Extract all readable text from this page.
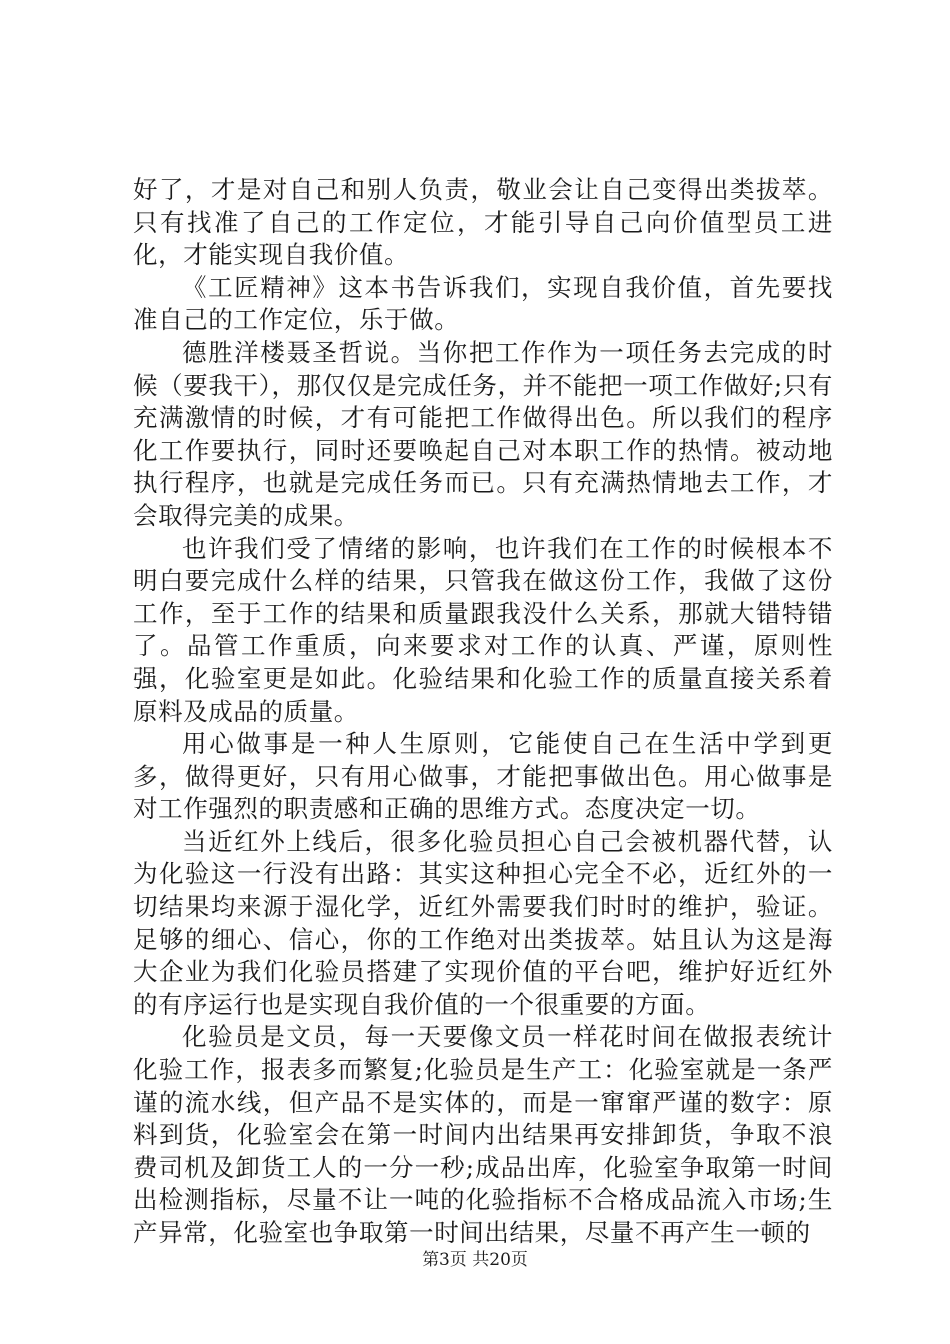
好了，才是对自己和别人负责，敬业会让自己变得出类拔萃。只有找准了自己的工作定位，才能引导自己向价值型员工进化，才能实现自我价值。

《工匠精神》这本书告诉我们，实现自我价值，首先要找准自己的工作定位，乐于做。

德胜洋楼聂圣哲说。当你把工作作为一项任务去完成的时候（要我干），那仅仅是完成任务，并不能把一项工作做好;只有充满激情的时候，才有可能把工作做得出色。所以我们的程序化工作要执行，同时还要唤起自己对本职工作的热情。被动地执行程序，也就是完成任务而已。只有充满热情地去工作，才会取得完美的成果。

也许我们受了情绪的影响，也许我们在工作的时候根本不明白要完成什么样的结果，只管我在做这份工作，我做了这份工作，至于工作的结果和质量跟我没什么关系，那就大错特错了。品管工作重质，向来要求对工作的认真、严谨，原则性强，化验室更是如此。化验结果和化验工作的质量直接关系着原料及成品的质量。

用心做事是一种人生原则，它能使自己在生活中学到更多，做得更好，只有用心做事，才能把事做出色。用心做事是对工作强烈的职责感和正确的思维方式。态度决定一切。

当近红外上线后，很多化验员担心自己会被机器代替，认为化验这一行没有出路：其实这种担心完全不必，近红外的一切结果均来源于湿化学，近红外需要我们时时的维护，验证。足够的细心、信心，你的工作绝对出类拔萃。姑且认为这是海大企业为我们化验员搭建了实现价值的平台吧，维护好近红外的有序运行也是实现自我价值的一个很重要的方面。

化验员是文员，每一天要像文员一样花时间在做报表统计化验工作，报表多而繁复;化验员是生产工：化验室就是一条严谨的流水线，但产品不是实体的，而是一窜窜严谨的数字：原料到货，化验室会在第一时间内出结果再安排卸货，争取不浪费司机及卸货工人的一分一秒;成品出库，化验室争取第一时间出检测指标，尽量不让一吨的化验指标不合格成品流入市场;生产异常，化验室也争取第一时间出结果，尽量不再产生一顿的

第3页 共20页
